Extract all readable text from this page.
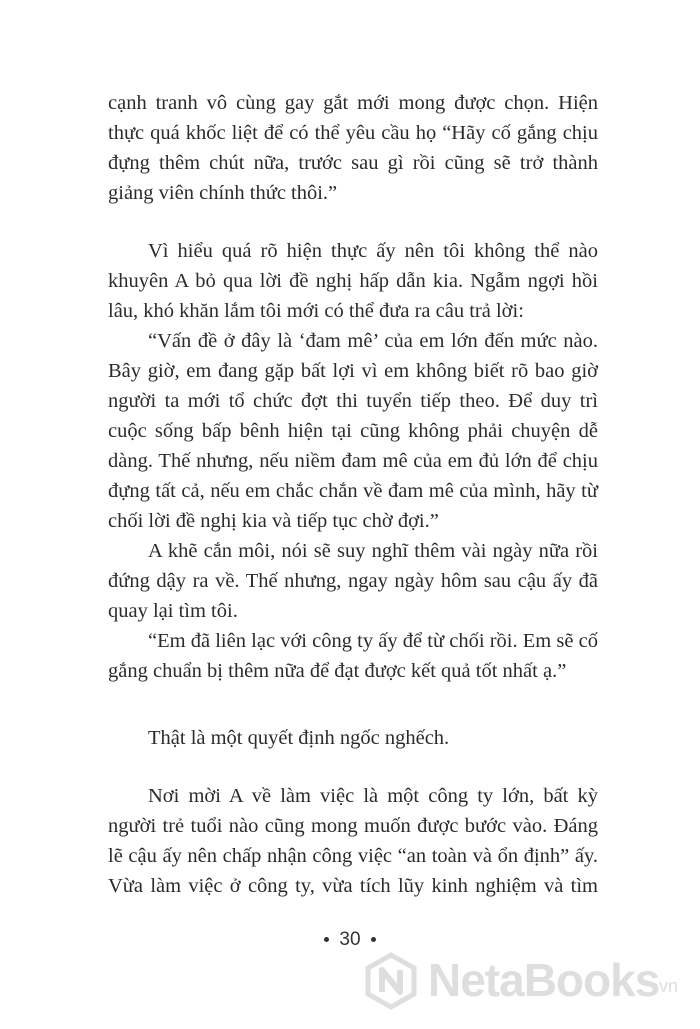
cạnh tranh vô cùng gay gắt mới mong được chọn. Hiện
thực quá khốc liệt để có thể yêu cầu họ “Hãy cố gắng chịu
đựng thêm chút nữa, trước sau gì rồi cũng sẽ trở thành
giảng viên chính thức thôi.”
Vì hiểu quá rõ hiện thực ấy nên tôi không thể nào
khuyên A bỏ qua lời đề nghị hấp dẫn kia. Ngẫm ngợi hồi
lâu, khó khăn lắm tôi mới có thể đưa ra câu trả lời:
“Vấn đề ở đây là ‘đam mê’ của em lớn đến mức nào.
Bây giờ, em đang gặp bất lợi vì em không biết rõ bao giờ
người ta mới tổ chức đợt thi tuyển tiếp theo. Để duy trì
cuộc sống bấp bênh hiện tại cũng không phải chuyện dễ
dàng. Thế nhưng, nếu niềm đam mê của em đủ lớn để chịu
đựng tất cả, nếu em chắc chắn về đam mê của mình, hãy từ
chối lời đề nghị kia và tiếp tục chờ đợi.”
A khẽ cắn môi, nói sẽ suy nghĩ thêm vài ngày nữa rồi
đứng dậy ra về. Thế nhưng, ngay ngày hôm sau cậu ấy đã
quay lại tìm tôi.
“Em đã liên lạc với công ty ấy để từ chối rồi. Em sẽ cố
gắng chuẩn bị thêm nữa để đạt được kết quả tốt nhất ạ.”
Thật là một quyết định ngốc nghếch.
Nơi mời A về làm việc là một công ty lớn, bất kỳ
người trẻ tuổi nào cũng mong muốn được bước vào. Đáng
lẽ cậu ấy nên chấp nhận công việc “an toàn và ổn định” ấy.
Vừa làm việc ở công ty, vừa tích lũy kinh nghiệm và tìm
30
NetaBooks
.vn
